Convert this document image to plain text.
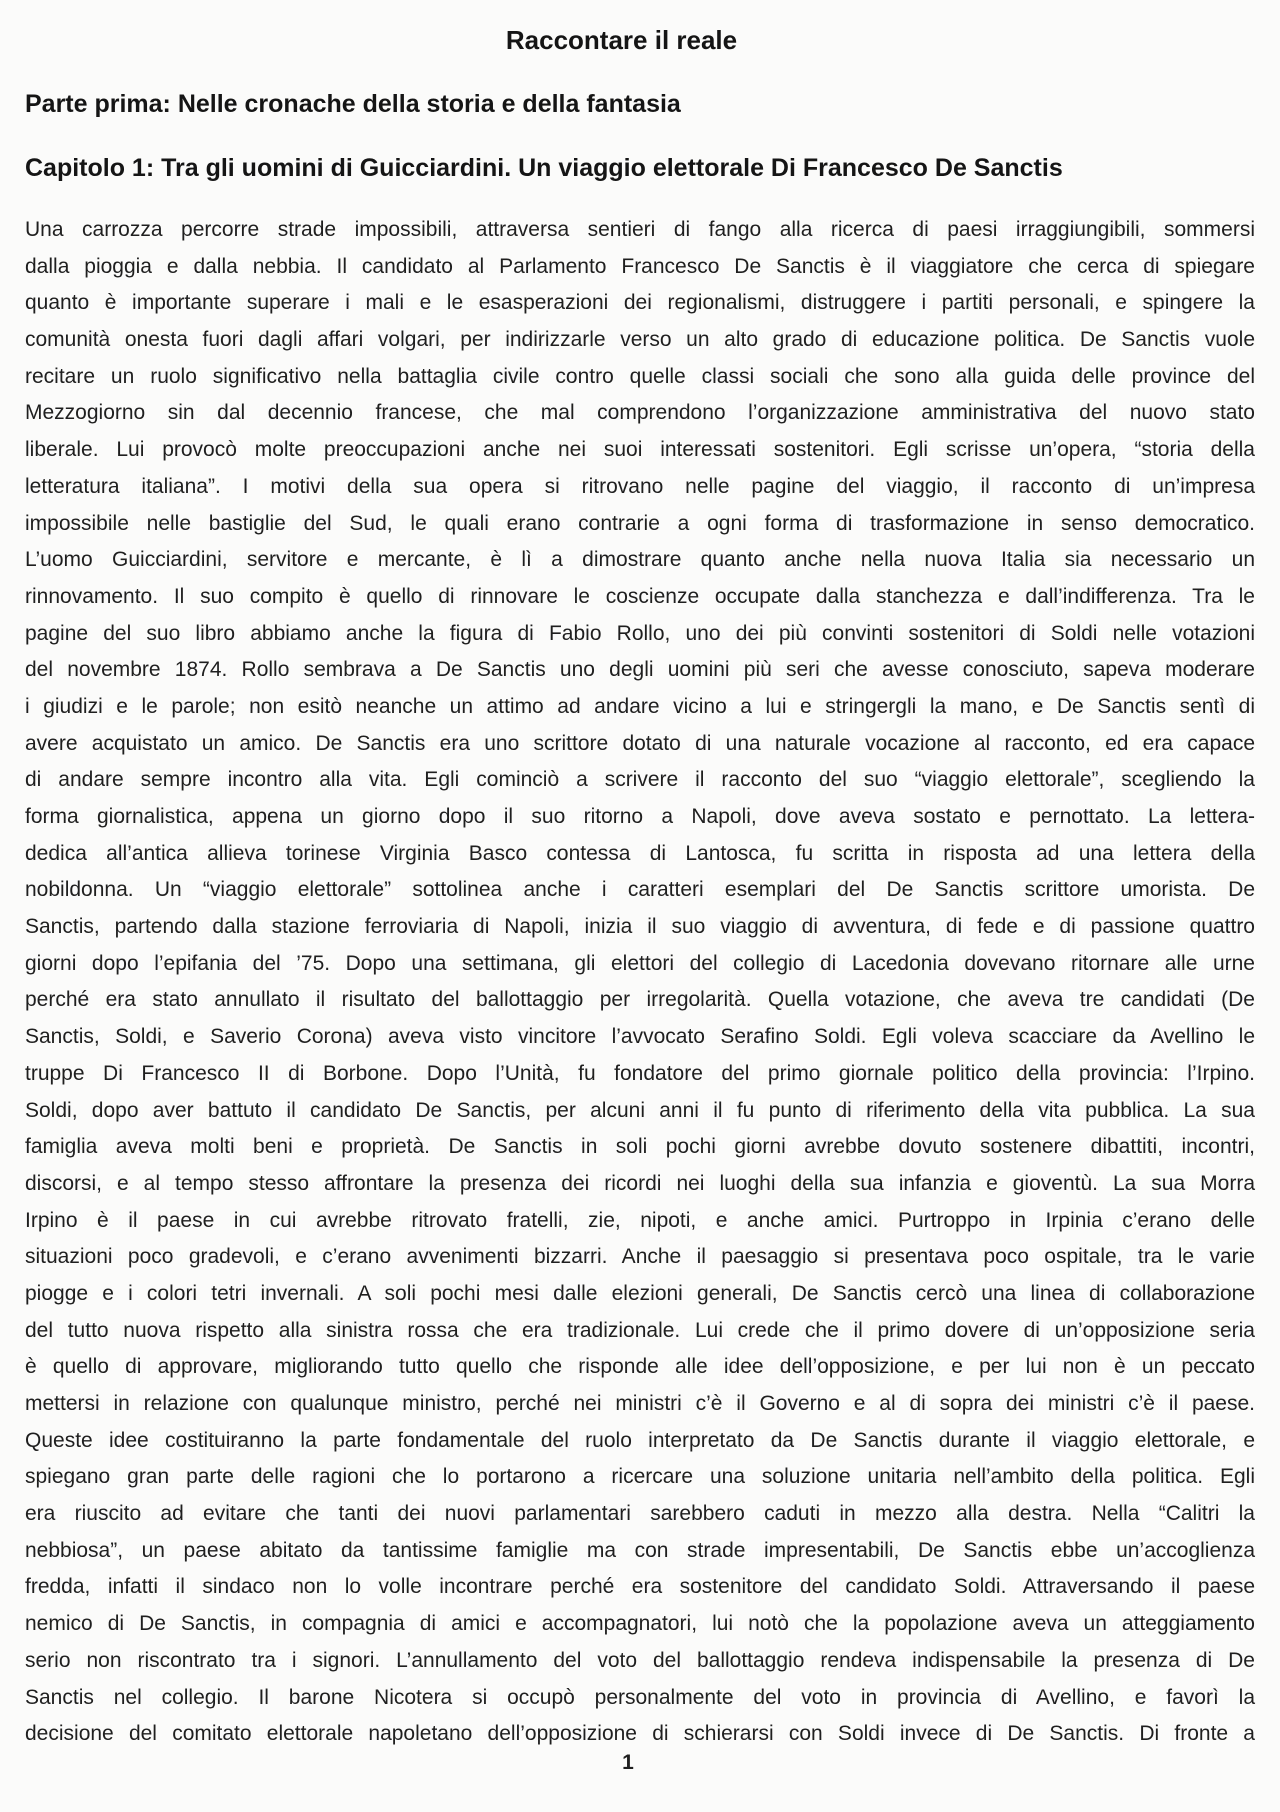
Raccontare il reale
Parte prima: Nelle cronache della storia e della fantasia
Capitolo 1: Tra gli uomini di Guicciardini. Un viaggio elettorale Di Francesco De Sanctis
Una carrozza percorre strade impossibili, attraversa sentieri di fango alla ricerca di paesi irraggiungibili, sommersi
dalla pioggia e dalla nebbia. Il candidato al Parlamento Francesco De Sanctis è il viaggiatore che cerca di spiegare
quanto è importante superare i mali e le esasperazioni dei regionalismi, distruggere i partiti personali, e spingere la
comunità onesta fuori dagli affari volgari, per indirizzarle verso un alto grado di educazione politica. De Sanctis vuole
recitare un ruolo significativo nella battaglia civile contro quelle classi sociali che sono alla guida delle province del
Mezzogiorno sin dal decennio francese, che mal comprendono l’organizzazione amministrativa del nuovo stato
liberale. Lui provocò molte preoccupazioni anche nei suoi interessati sostenitori. Egli scrisse un’opera, “storia della
letteratura italiana”. I motivi della sua opera si ritrovano nelle pagine del viaggio, il racconto di un’impresa
impossibile nelle bastiglie del Sud, le quali erano contrarie a ogni forma di trasformazione in senso democratico.
L’uomo Guicciardini, servitore e mercante, è lì a dimostrare quanto anche nella nuova Italia sia necessario un
rinnovamento. Il suo compito è quello di rinnovare le coscienze occupate dalla stanchezza e dall’indifferenza. Tra le
pagine del suo libro abbiamo anche la figura di Fabio Rollo, uno dei più convinti sostenitori di Soldi nelle votazioni
del novembre 1874. Rollo sembrava a De Sanctis uno degli uomini più seri che avesse conosciuto, sapeva moderare
i giudizi e le parole; non esitò neanche un attimo ad andare vicino a lui e stringergli la mano, e De Sanctis sentì di
avere acquistato un amico. De Sanctis era uno scrittore dotato di una naturale vocazione al racconto, ed era capace
di andare sempre incontro alla vita. Egli cominciò a scrivere il racconto del suo “viaggio elettorale”, scegliendo la
forma giornalistica, appena un giorno dopo il suo ritorno a Napoli, dove aveva sostato e pernottato. La lettera-
dedica all’antica allieva torinese Virginia Basco contessa di Lantosca, fu scritta in risposta ad una lettera della
nobildonna. Un “viaggio elettorale” sottolinea anche i caratteri esemplari del De Sanctis scrittore umorista. De
Sanctis, partendo dalla stazione ferroviaria di Napoli, inizia il suo viaggio di avventura, di fede e di passione quattro
giorni dopo l’epifania del ’75. Dopo una settimana, gli elettori del collegio di Lacedonia dovevano ritornare alle urne
perché era stato annullato il risultato del ballottaggio per irregolarità. Quella votazione, che aveva tre candidati (De
Sanctis, Soldi, e Saverio Corona) aveva visto vincitore l’avvocato Serafino Soldi. Egli voleva scacciare da Avellino le
truppe Di Francesco II di Borbone. Dopo l’Unità, fu fondatore del primo giornale politico della provincia: l’Irpino.
Soldi, dopo aver battuto il candidato De Sanctis, per alcuni anni il fu punto di riferimento della vita pubblica. La sua
famiglia aveva molti beni e proprietà. De Sanctis in soli pochi giorni avrebbe dovuto sostenere dibattiti, incontri,
discorsi, e al tempo stesso affrontare la presenza dei ricordi nei luoghi della sua infanzia e gioventù. La sua Morra
Irpino è il paese in cui avrebbe ritrovato fratelli, zie, nipoti, e anche amici. Purtroppo in Irpinia c’erano delle
situazioni poco gradevoli, e c’erano avvenimenti bizzarri. Anche il paesaggio si presentava poco ospitale, tra le varie
piogge e i colori tetri invernali. A soli pochi mesi dalle elezioni generali, De Sanctis cercò una linea di collaborazione
del tutto nuova rispetto alla sinistra rossa che era tradizionale. Lui crede che il primo dovere di un’opposizione seria
è quello di approvare, migliorando tutto quello che risponde alle idee dell’opposizione, e per lui non è un peccato
mettersi in relazione con qualunque ministro, perché nei ministri c’è il Governo e al di sopra dei ministri c’è il paese.
Queste idee costituiranno la parte fondamentale del ruolo interpretato da De Sanctis durante il viaggio elettorale, e
spiegano gran parte delle ragioni che lo portarono a ricercare una soluzione unitaria nell’ambito della politica. Egli
era riuscito ad evitare che tanti dei nuovi parlamentari sarebbero caduti in mezzo alla destra. Nella “Calitri la
nebbiosa”, un paese abitato da tantissime famiglie ma con strade impresentabili, De Sanctis ebbe un’accoglienza
fredda, infatti il sindaco non lo volle incontrare perché era sostenitore del candidato Soldi. Attraversando il paese
nemico di De Sanctis, in compagnia di amici e accompagnatori, lui notò che la popolazione aveva un atteggiamento
serio non riscontrato tra i signori. L’annullamento del voto del ballottaggio rendeva indispensabile la presenza di De
Sanctis nel collegio. Il barone Nicotera si occupò personalmente del voto in provincia di Avellino, e favorì la
decisione del comitato elettorale napoletano dell’opposizione di schierarsi con Soldi invece di De Sanctis. Di fronte a
1
